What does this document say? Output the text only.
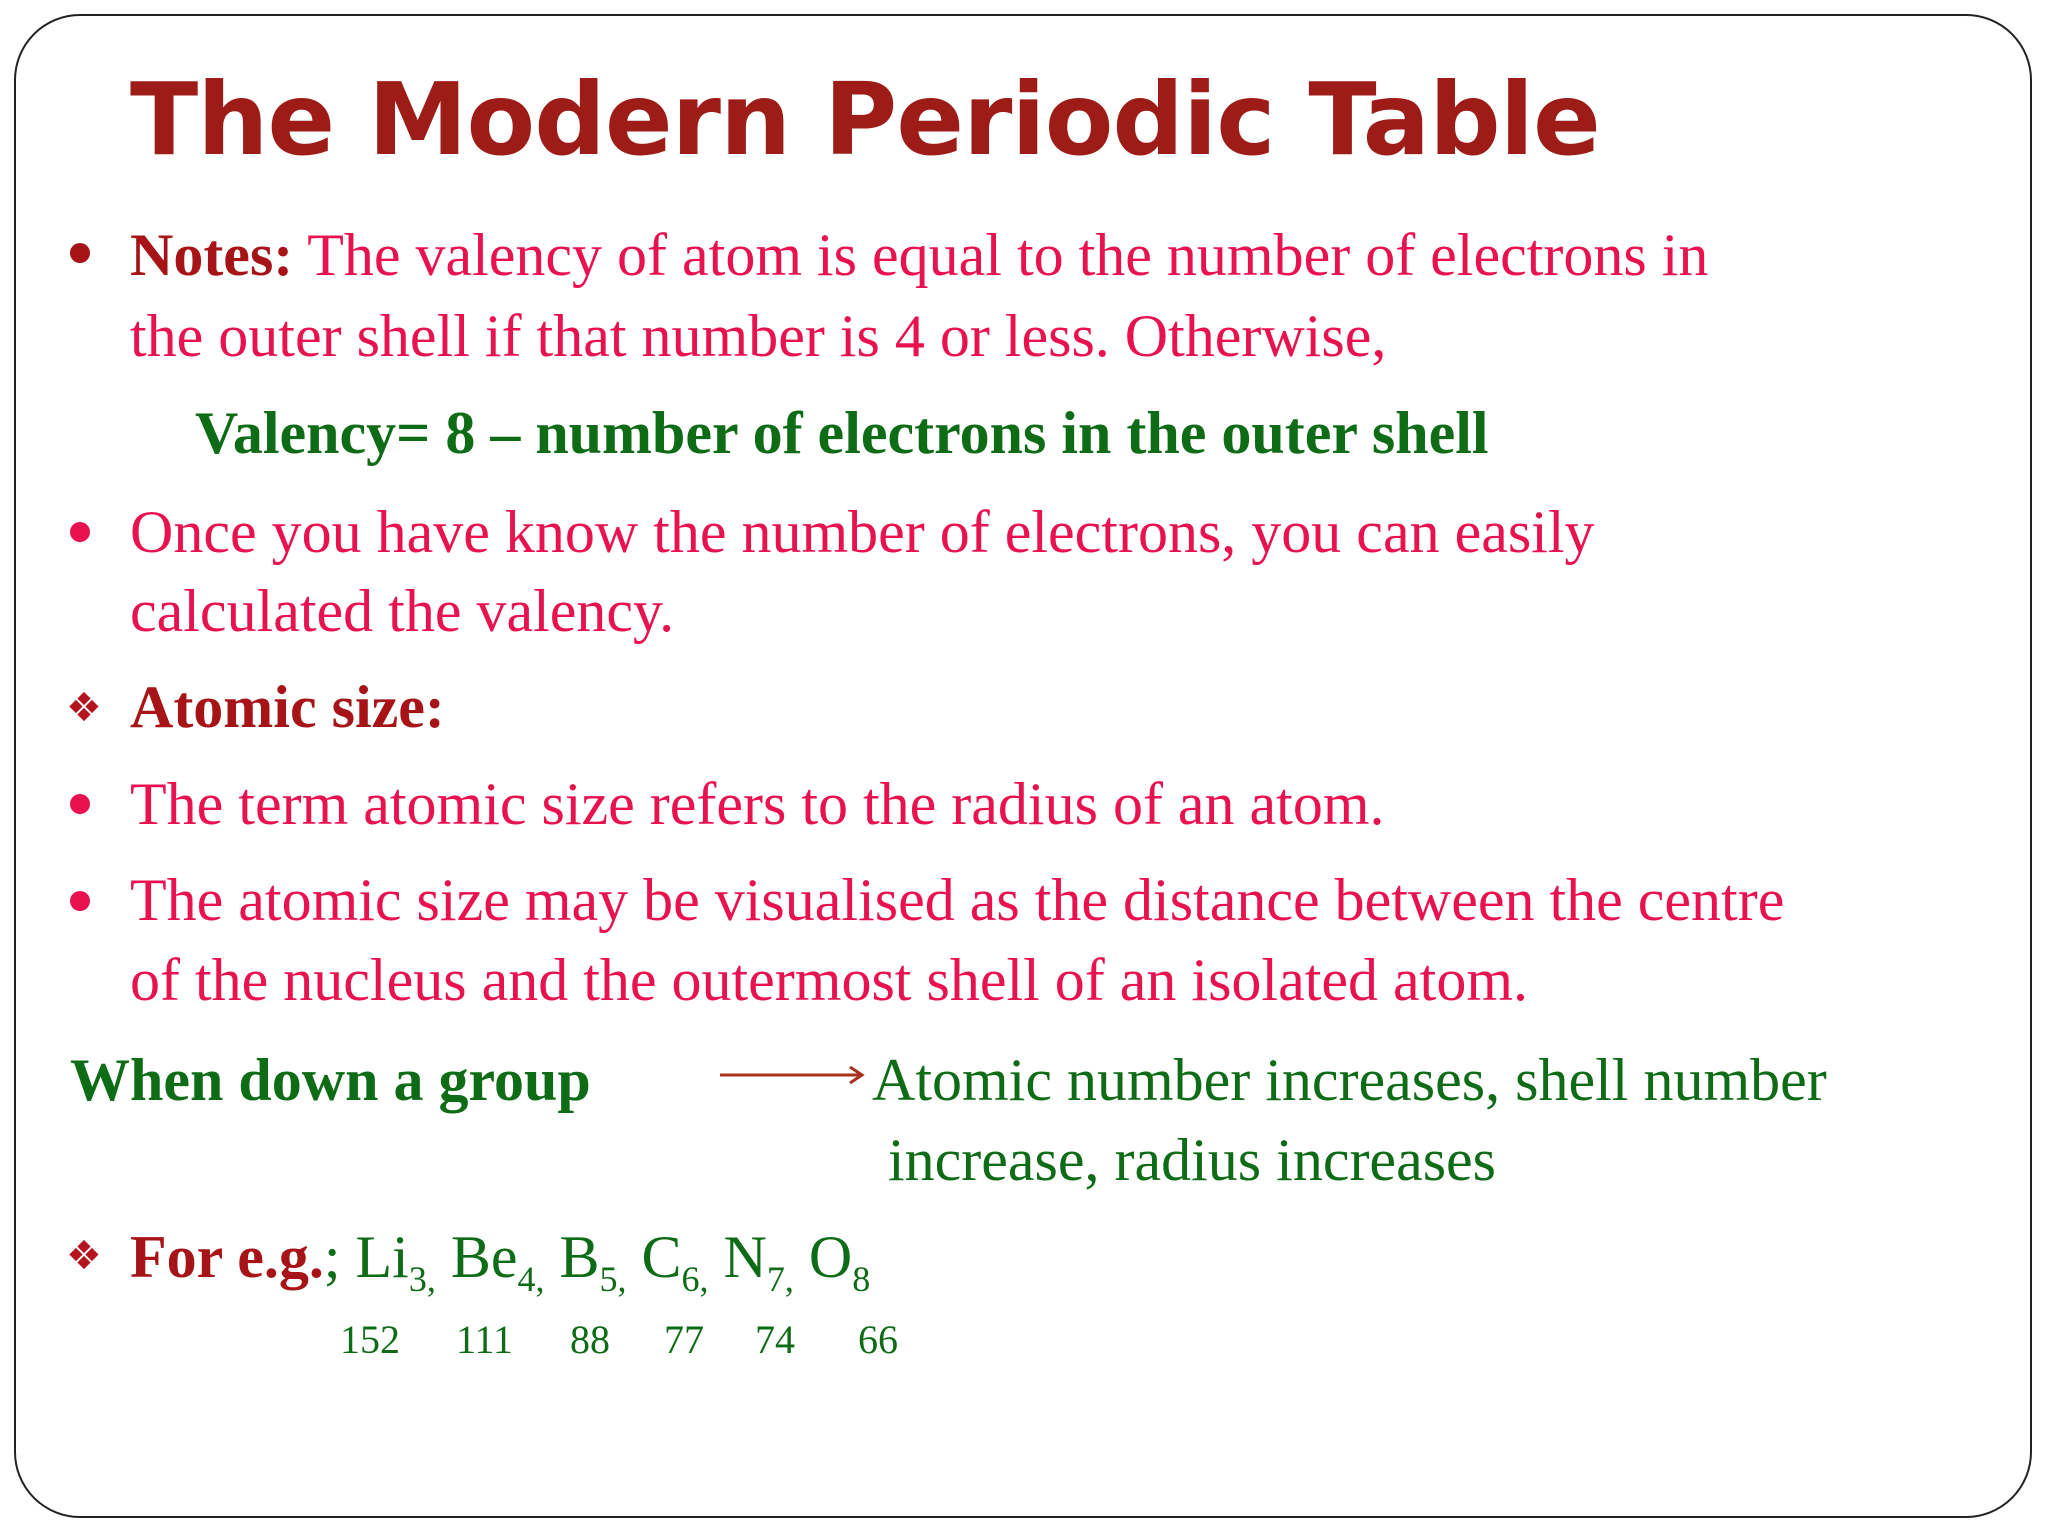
The Modern Periodic Table
Notes: The valency of atom is equal to the number of electrons in
the outer shell if that number is 4 or less. Otherwise,
Valency= 8 – number of electrons in the outer shell
Once you have know the number of electrons, you can easily
calculated the valency.
❖ Atomic size:
The term atomic size refers to the radius of an atom.
The atomic size may be visualised as the distance between the centre
of the nucleus and the outermost shell of an isolated atom.
When down a group	Atomic number increases, shell number
increase, radius increases
❖ For e.g.; $Li_{3,}$ $Be_{4,}$ $B_{5,}$ $C_{6,}$ $N_{7,}$ $O_8$
152 111 88 77 74 66
